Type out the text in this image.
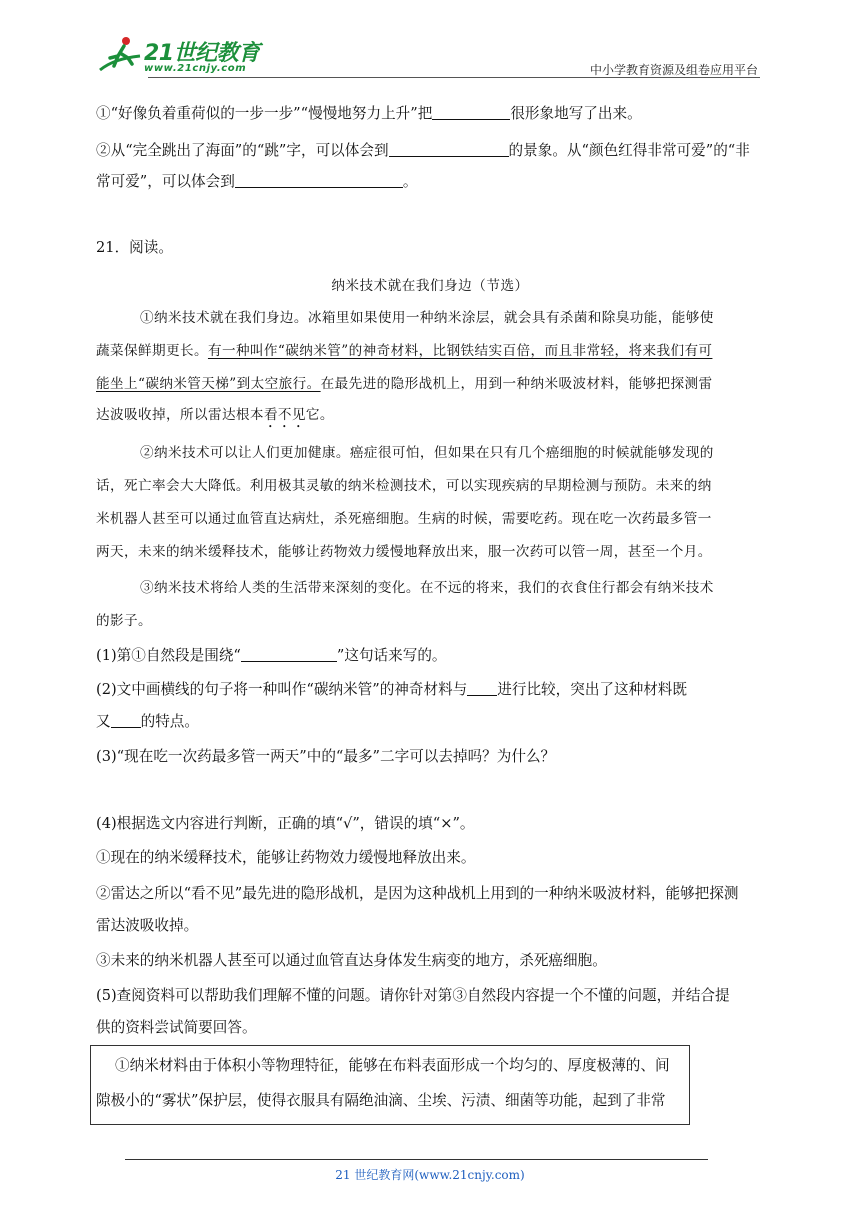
21世纪教育
www.21cnjy.com	中小学教育资源及组卷应用平台
①“好像负着重荷似的一步一步”“慢慢地努力上升”把	很形象地写了出来。
②从“完全跳出了海面”的“跳”字，可以体会到	的景象。从“颜色红得非常可爱”的“非
常可爱”，可以体会到	。
21．阅读。
纳米技术就在我们身边（节选）
①纳米技术就在我们身边。冰箱里如果使用一种纳米涂层，就会具有杀菌和除臭功能，能够使
蔬菜保鲜期更长。有一种叫作“碳纳米管”的神奇材料，比钢铁结实百倍，而且非常轻，将来我们有可
能坐上“碳纳米管天梯”到太空旅行。在最先进的隐形战机上，用到一种纳米吸波材料，能够把探测雷
达波吸收掉，所以雷达根本看不见它。
②纳米技术可以让人们更加健康。癌症很可怕，但如果在只有几个癌细胞的时候就能够发现的
话，死亡率会大大降低。利用极其灵敏的纳米检测技术，可以实现疾病的早期检测与预防。未来的纳
米机器人甚至可以通过血管直达病灶，杀死癌细胞。生病的时候，需要吃药。现在吃一次药最多管一
两天，未来的纳米缓释技术，能够让药物效力缓慢地释放出来，服一次药可以管一周，甚至一个月。
③纳米技术将给人类的生活带来深刻的变化。在不远的将来，我们的衣食住行都会有纳米技术
的影子。
(1)第①自然段是围绕“	”这句话来写的。
(2)文中画横线的句子将一种叫作“碳纳米管”的神奇材料与 进行比较，突出了这种材料既
又 的特点。
(3)“现在吃一次药最多管一两天”中的“最多”二字可以去掉吗？为什么？
(4)根据选文内容进行判断，正确的填“√”，错误的填“×”。
①现在的纳米缓释技术，能够让药物效力缓慢地释放出来。
②雷达之所以“看不见”最先进的隐形战机，是因为这种战机上用到的一种纳米吸波材料，能够把探测
雷达波吸收掉。
③未来的纳米机器人甚至可以通过血管直达身体发生病变的地方，杀死癌细胞。
(5)查阅资料可以帮助我们理解不懂的问题。请你针对第③自然段内容提一个不懂的问题，并结合提
供的资料尝试简要回答。
①纳米材料由于体积小等物理特征，能够在布料表面形成一个均匀的、厚度极薄的、间
隙极小的“雾状”保护层，使得衣服具有隔绝油滴、尘埃、污渍、细菌等功能，起到了非常
21 世纪教育网(www.21cnjy.com)
